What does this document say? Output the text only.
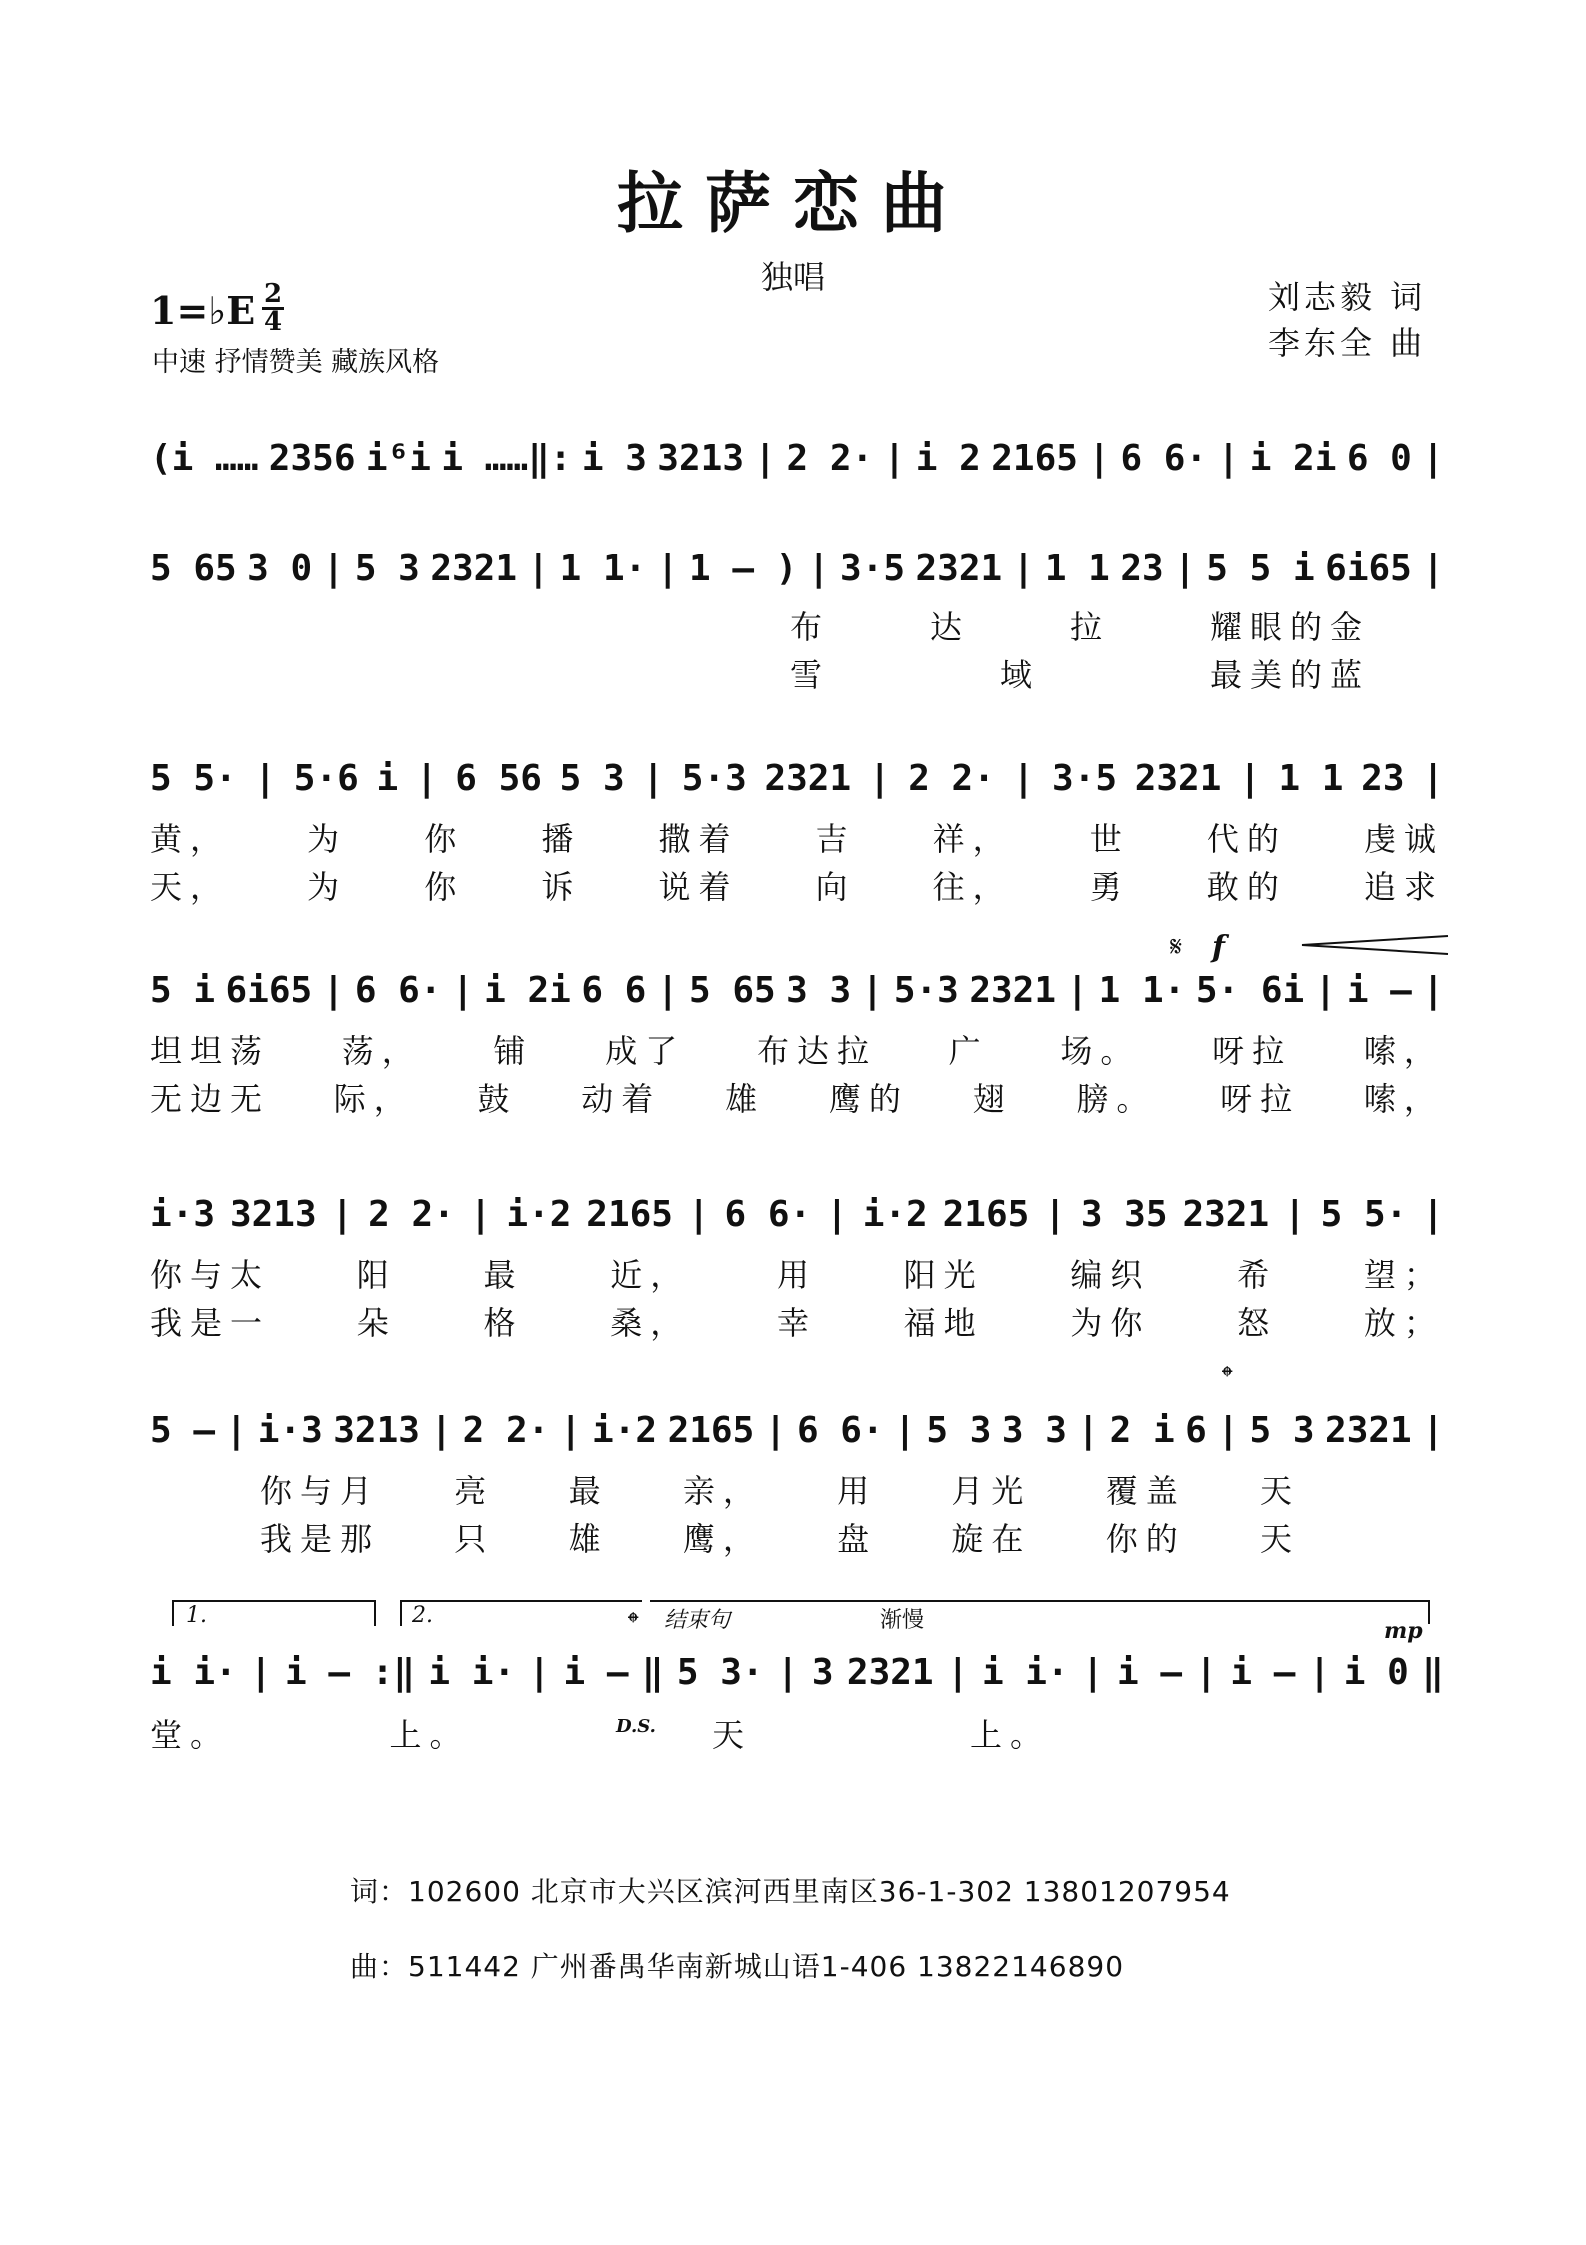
拉萨恋曲
独唱
1=♭E 2
4
中速 抒情赞美 藏族风格
刘志毅 词
李东全 曲
(i …… 2356 i⁶i i ……‖: i 3 3213 | 2 2· | i 2 2165 | 6 6· | i 2i 6 0 |
5 65 3 0 | 5 3 2321 | 1 1· | 1 – ) | 3·5 2321 | 1 1 23 | 5 5 i 6i65 |
布	达	拉	耀眼的金
雪	域	最美的蓝
5 5· | 5·6 i | 6 56 5 3 | 5·3 2321 | 2 2· | 3·5 2321 | 1 1 23 |
黄， 为 你 播 撒着 吉 祥， 世 代的 虔诚
天， 为 你 诉 说着 向 往， 勇 敢的 追求
𝄋 f
5 i 6i65 | 6 6· | i 2i 6 6 | 5 65 3 3 | 5·3 2321 | 1 1· 5· 6i | i – |
坦坦荡 荡， 铺 成了 布达拉 广 场。 呀拉 嗦，
无边无 际， 鼓 动着 雄 鹰的 翅 膀。 呀拉 嗦，
i·3 3213 | 2 2· | i·2 2165 | 6 6· | i·2 2165 | 3 35 2321 | 5 5· |
你与太	阳	最	近，	用	阳光	编织	希	望；
我是一	朵	格	桑，	幸	福地	为你	怒	放；
𝄌
5 – | i·3 3213 | 2 2· | i·2 2165 | 6 6· | 5 3 3 3 | 2 i 6 | 5 3 2321 |
你与月 亮 最 亲， 用 月光 覆盖 天
我是那 只 雄 鹰， 盘 旋在 你的 天
1.	2.	𝄌 结束句	渐慢	mp
i i· | i – :‖ i i· | i – ‖ 5 3· | 3 2321 | i i· | i – | i – | i 0 ‖
D.S.
堂。	上。	天	上。
词：102600 北京市大兴区滨河西里南区36-1-302 13801207954
曲：511442 广州番禺华南新城山语1-406 13822146890
